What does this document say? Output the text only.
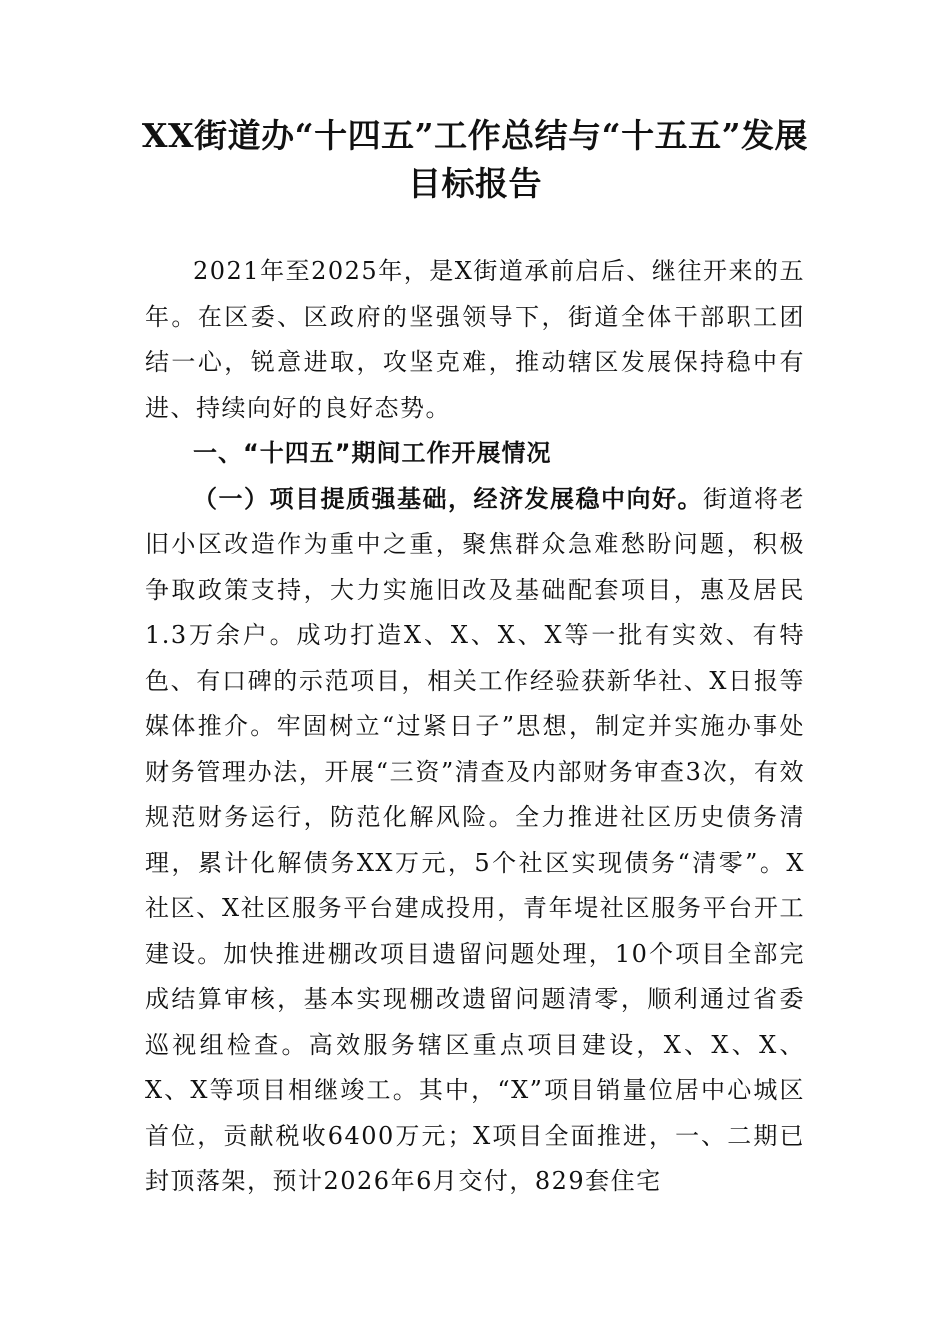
XX街道办“十四五”工作总结与“十五五”发展目标报告

2021年至2025年，是X街道承前启后、继往开来的五年。在区委、区政府的坚强领导下，街道全体干部职工团结一心，锐意进取，攻坚克难，推动辖区发展保持稳中有进、持续向好的良好态势。

一、“十四五”期间工作开展情况

（一）项目提质强基础，经济发展稳中向好。街道将老旧小区改造作为重中之重，聚焦群众急难愁盼问题，积极争取政策支持，大力实施旧改及基础配套项目，惠及居民1.3万余户。成功打造X、X、X、X等一批有实效、有特色、有口碑的示范项目，相关工作经验获新华社、X日报等媒体推介。牢固树立“过紧日子”思想，制定并实施办事处财务管理办法，开展“三资”清查及内部财务审查3次，有效规范财务运行，防范化解风险。全力推进社区历史债务清理，累计化解债务XX万元，5个社区实现债务“清零”。X社区、X社区服务平台建成投用，青年堤社区服务平台开工建设。加快推进棚改项目遗留问题处理，10个项目全部完成结算审核，基本实现棚改遗留问题清零，顺利通过省委巡视组检查。高效服务辖区重点项目建设，X、X、X、X、X等项目相继竣工。其中，“X”项目销量位居中心城区首位，贡献税收6400万元；X项目全面推进，一、二期已封顶落架，预计2026年6月交付，829套住宅
